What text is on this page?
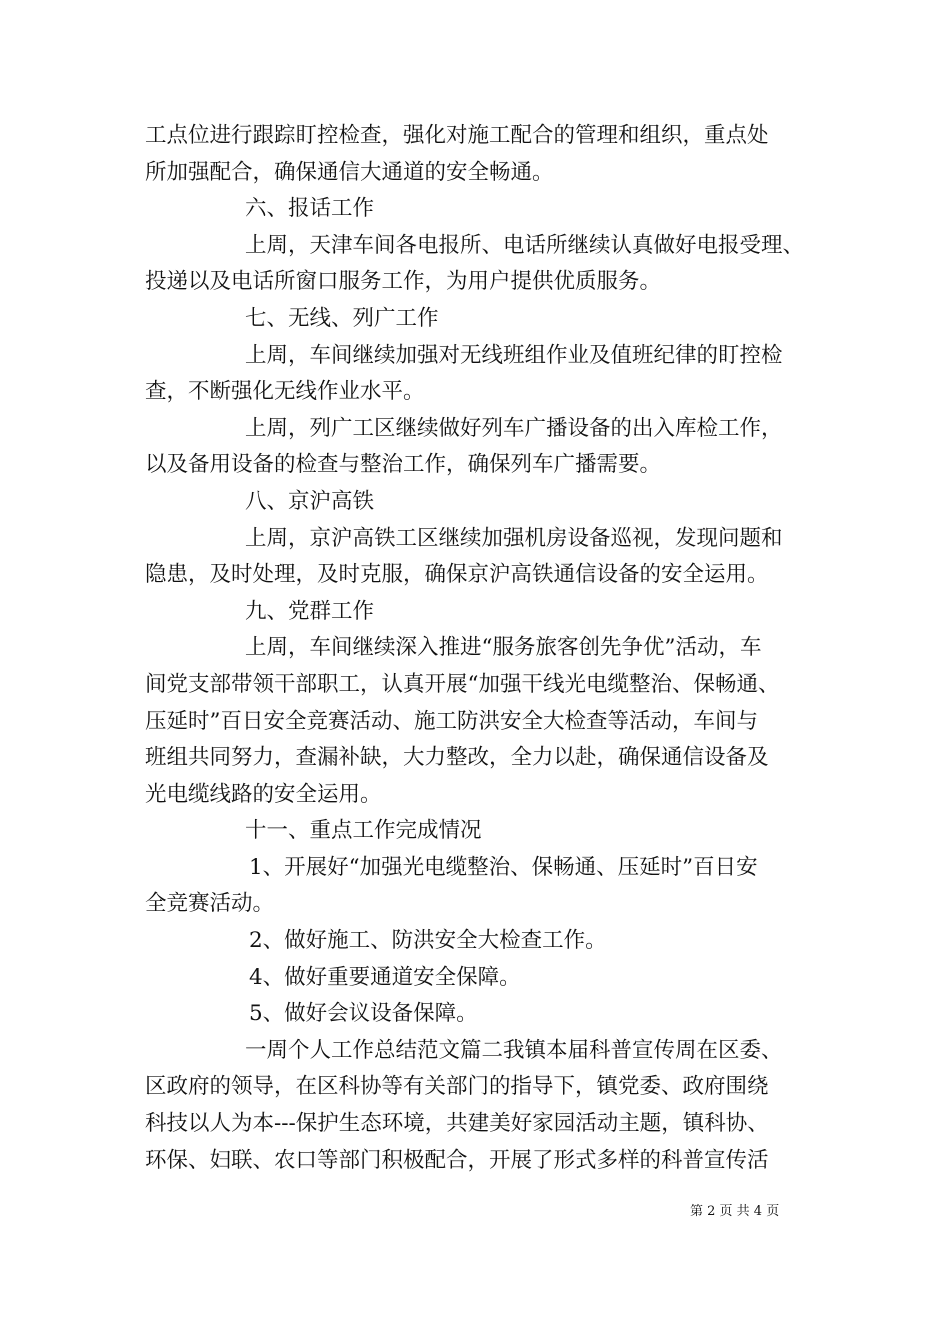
工点位进行跟踪盯控检查，强化对施工配合的管理和组织，重点处
所加强配合，确保通信大通道的安全畅通。
六、报话工作
上周，天津车间各电报所、电话所继续认真做好电报受理、
投递以及电话所窗口服务工作，为用户提供优质服务。
七、无线、列广工作
上周，车间继续加强对无线班组作业及值班纪律的盯控检
查，不断强化无线作业水平。
上周，列广工区继续做好列车广播设备的出入库检工作，
以及备用设备的检查与整治工作，确保列车广播需要。
八、京沪高铁
上周，京沪高铁工区继续加强机房设备巡视，发现问题和
隐患，及时处理，及时克服，确保京沪高铁通信设备的安全运用。
九、党群工作
上周，车间继续深入推进“服务旅客创先争优”活动，车
间党支部带领干部职工，认真开展“加强干线光电缆整治、保畅通、
压延时”百日安全竞赛活动、施工防洪安全大检查等活动，车间与
班组共同努力，查漏补缺，大力整改，全力以赴，确保通信设备及
光电缆线路的安全运用。
十一、重点工作完成情况
1、开展好“加强光电缆整治、保畅通、压延时”百日安
全竞赛活动。
2、做好施工、防洪安全大检查工作。
4、做好重要通道安全保障。
5、做好会议设备保障。
一周个人工作总结范文篇二我镇本届科普宣传周在区委、
区政府的领导，在区科协等有关部门的指导下，镇党委、政府围绕
科技以人为本---保护生态环境，共建美好家园活动主题，镇科协、
环保、妇联、农口等部门积极配合，开展了形式多样的科普宣传活
第 2 页 共 4 页
